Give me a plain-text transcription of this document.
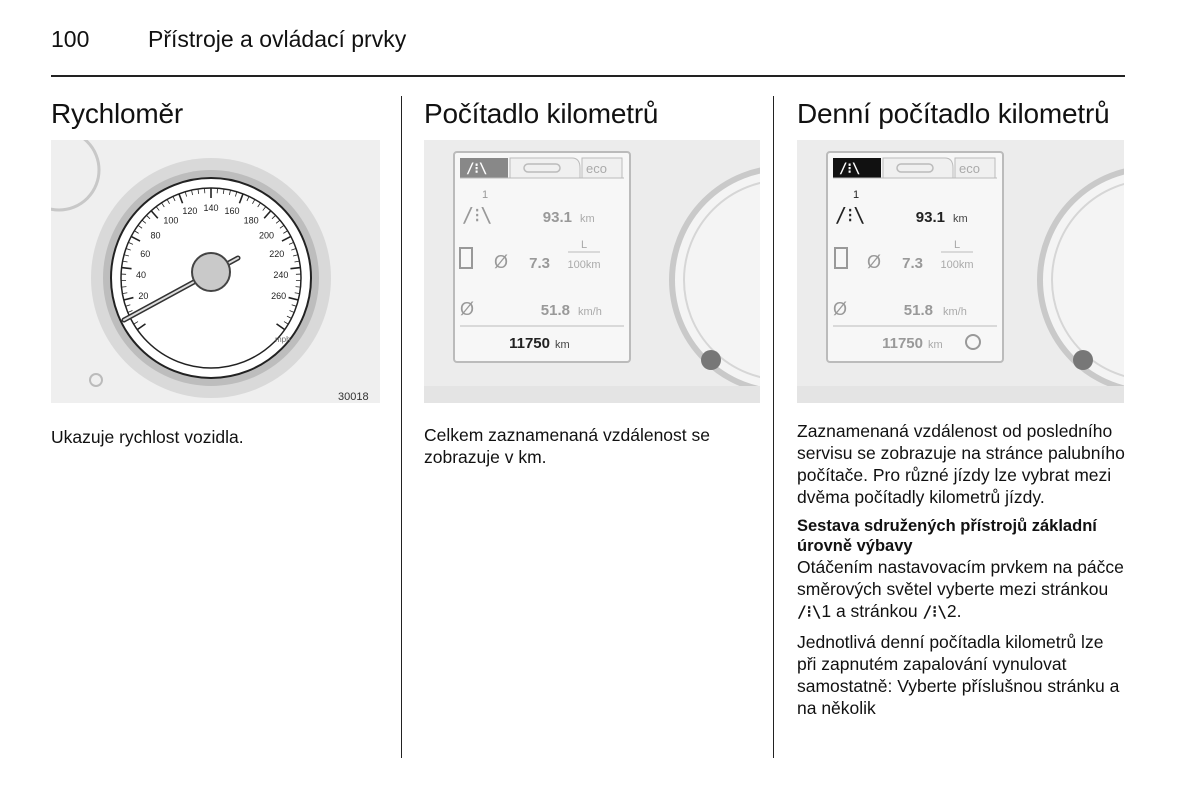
100	Přístroje a ovládací prvky
Rychloměr
20
40
60
80
100
120 140 160
180
200
220
240
260
mph
30018
Ukazuje rychlost vozidla.
Počítadlo kilometrů
/⁝\	eco
1
/⁝\	93.1 km
Ø 7.3
L
100km
Ø	51.8 km/h
11750 km
Celkem zaznamenaná vzdálenost se zobrazuje v km.
Denní počítadlo kilometrů
/⁝\	eco
1
/⁝\	93.1 km
Ø 7.3
L
100km
Ø	51.8 km/h
11750 km

Zaznamenaná vzdálenost od posledního servisu se zobrazuje na stránce palubního počítače. Pro různé jízdy lze vybrat mezi dvěma počítadly kilometrů jízdy.

Sestava sdružených přístrojů základní úrovně výbavy

Otáčením nastavovacím prvkem na páčce směrových světel vyberte mezi stránkou /⁝\1 a stránkou /⁝\2.

Jednotlivá denní počítadla kilometrů lze při zapnutém zapalování vynulovat samostatně: Vyberte příslušnou stránku a na několik
